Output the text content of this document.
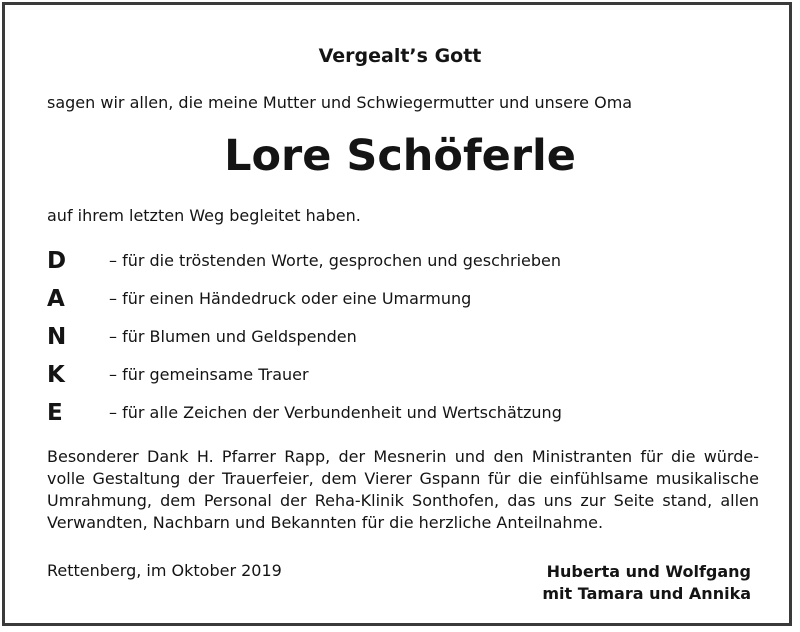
Vergealt’s Gott
sagen wir allen, die meine Mutter und Schwiegermutter und unsere Oma
Lore Schöferle
auf ihrem letzten Weg begleitet haben.
D	– für die tröstenden Worte, gesprochen und geschrieben
A	– für einen Händedruck oder eine Umarmung
N	– für Blumen und Geldspenden
K	– für gemeinsame Trauer
E	– für alle Zeichen der Verbundenheit und Wertschätzung
Besonderer Dank H. Pfarrer Rapp, der Mesnerin und den Ministranten für die würde-
volle Gestaltung der Trauerfeier, dem Vierer Gspann für die einfühlsame musikalische
Umrahmung, dem Personal der Reha-Klinik Sonthofen, das uns zur Seite stand, allen
Verwandten, Nachbarn und Bekannten für die herzliche Anteilnahme.
Rettenberg, im Oktober 2019	Huberta und Wolfgang
mit Tamara und Annika
